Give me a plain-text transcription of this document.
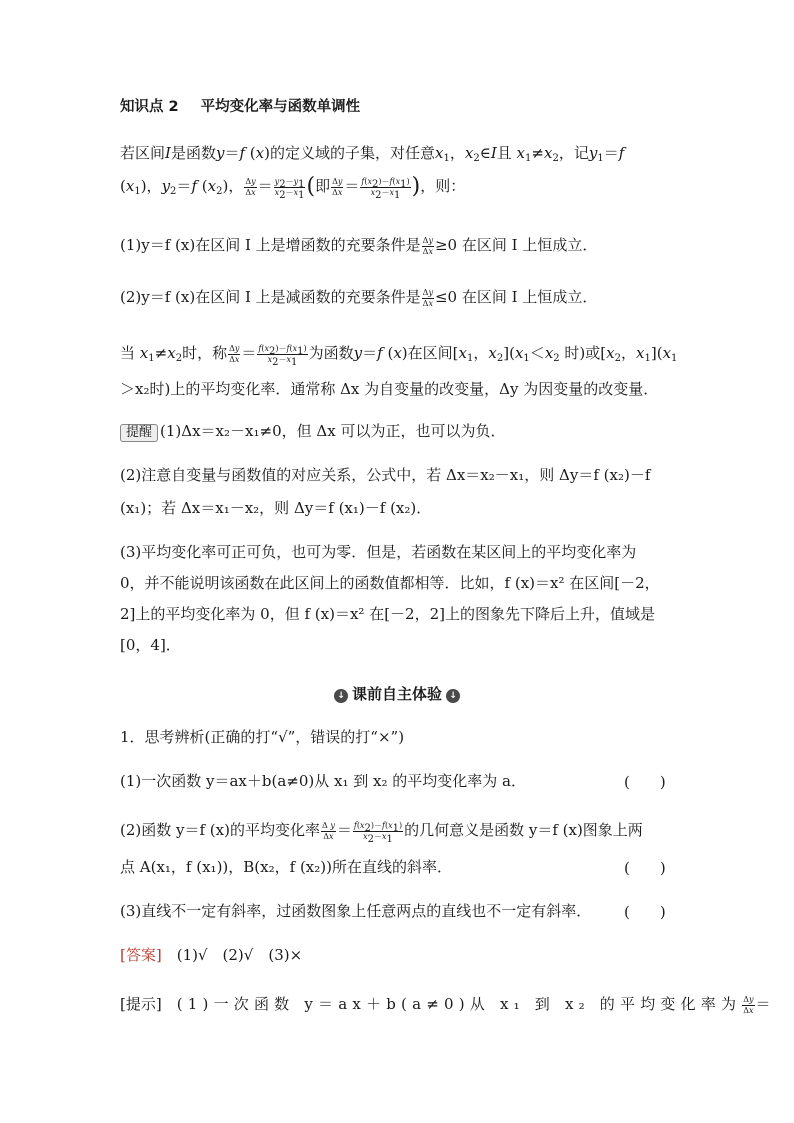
知识点 2 平均变化率与函数单调性
若区间I是函数y＝f (x)的定义域的子集，对任意$x_1$，$x_2\in I$且 $x_1\ne x_2$，记$y_1=f$
$(x_1)$，$y_2=f$ $(x_2)$， $\frac{\Delta y}{\Delta x} = \frac{y_2-y_1}{x_2-x_1}$ (即 $\frac{\Delta y}{\Delta x} = \frac{f(x_2)-f(x_1)}{x_2-x_1}$ )，则：
(1)y＝f (x)在区间 I 上是增函数的充要条件是 $\frac{\Delta y}{\Delta x} \ge 0$ 在区间 I 上恒成立．
(2)y＝f (x)在区间 I 上是减函数的充要条件是 $\frac{\Delta y}{\Delta x} \le 0$ 在区间 I 上恒成立．
当 $x_1\ne x_2$时，称 $\frac{\Delta y}{\Delta x} = \frac{f(x_2)-f(x_1)}{x_2-x_1}$ 为函数y＝f (x)在区间[$x_1$，$x_2](x_1<x_2$ 时)或[$x_2$，$x_1](x_1$
＞x₂时)上的平均变化率．通常称 Δx 为自变量的改变量，Δy 为因变量的改变量．
提醒 (1)Δx＝x₂－x₁≠0，但 Δx 可以为正，也可以为负．
(2)注意自变量与函数值的对应关系，公式中，若 Δx＝x₂－x₁，则 Δy＝f (x₂)－f
(x₁)；若 Δx＝x₁－x₂，则 Δy＝f (x₁)－f (x₂)．
(3)平均变化率可正可负，也可为零．但是，若函数在某区间上的平均变化率为
0，并不能说明该函数在此区间上的函数值都相等．比如，f (x)＝x² 在区间[－2，
2]上的平均变化率为 0，但 f (x)＝x² 在[－2，2]上的图象先下降后上升，值域是
[0，4]．
↓ 课前自主体验 ↓
1．思考辨析(正确的打“√”，错误的打“×”)
(1)一次函数 y＝ax＋b(a≠0)从 x₁ 到 x₂ 的平均变化率为 a．	(　　)
(2)函数 y＝f (x)的平均变化率 $\frac{\text{Δ y}}{\Delta x} = \frac{f(x_2)-f(x_1)}{x_2-x_1}$ 的几何意义是函数 y＝f (x)图象上两
点 A(x₁，f (x₁))，B(x₂，f (x₂))所在直线的斜率．	(　　)
(3)直线不一定有斜率，过函数图象上任意两点的直线也不一定有斜率．	(　　)
[答案]　 (1)√　(2)√　(3)×
[提示]　 (1)一次函数 y＝ax＋b(a≠0)从 x₁ 到 x₂ 的平均变化率为 $\frac{\Delta y}{\Delta x}$ ＝
